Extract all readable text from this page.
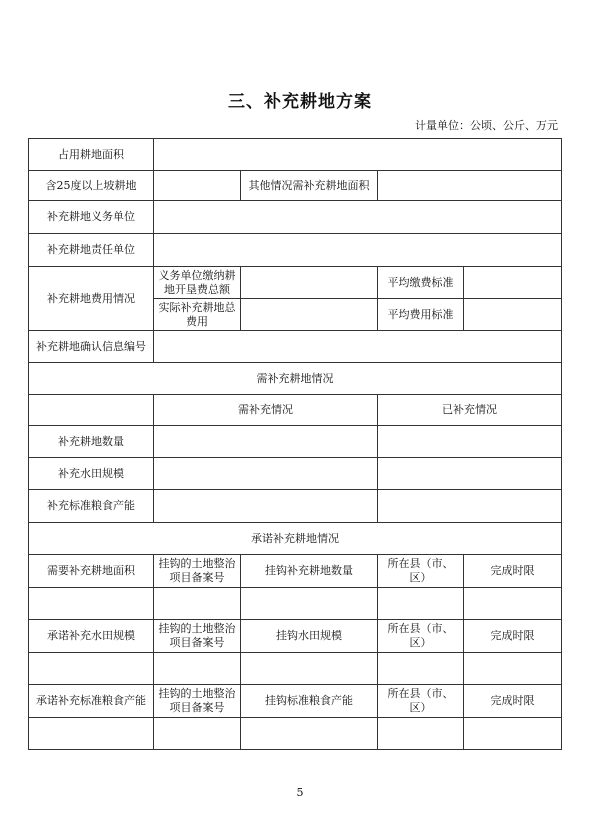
三、补充耕地方案
计量单位：公顷、公斤、万元
占用耕地面积				
含25度以上坡耕地		其他情况需补充耕地面积		
补充耕地义务单位				
补充耕地责任单位				
补充耕地费用情况	义务单位缴纳耕地开垦费总额		平均缴费标准	
	实际补充耕地总费用		平均费用标准	
补充耕地确认信息编号				
需补充耕地情况				
	需补充情况		已补充情况	
补充耕地数量				
补充水田规模				
补充标准粮食产能				
承诺补充耕地情况				
需要补充耕地面积	挂钩的土地整治项目备案号	挂钩补充耕地数量	所在县（市、区）	完成时限

承诺补充水田规模	挂钩的土地整治项目备案号	挂钩水田规模	所在县（市、区）	完成时限

承诺补充标准粮食产能	挂钩的土地整治项目备案号	挂钩标准粮食产能	所在县（市、区）	完成时限

5
